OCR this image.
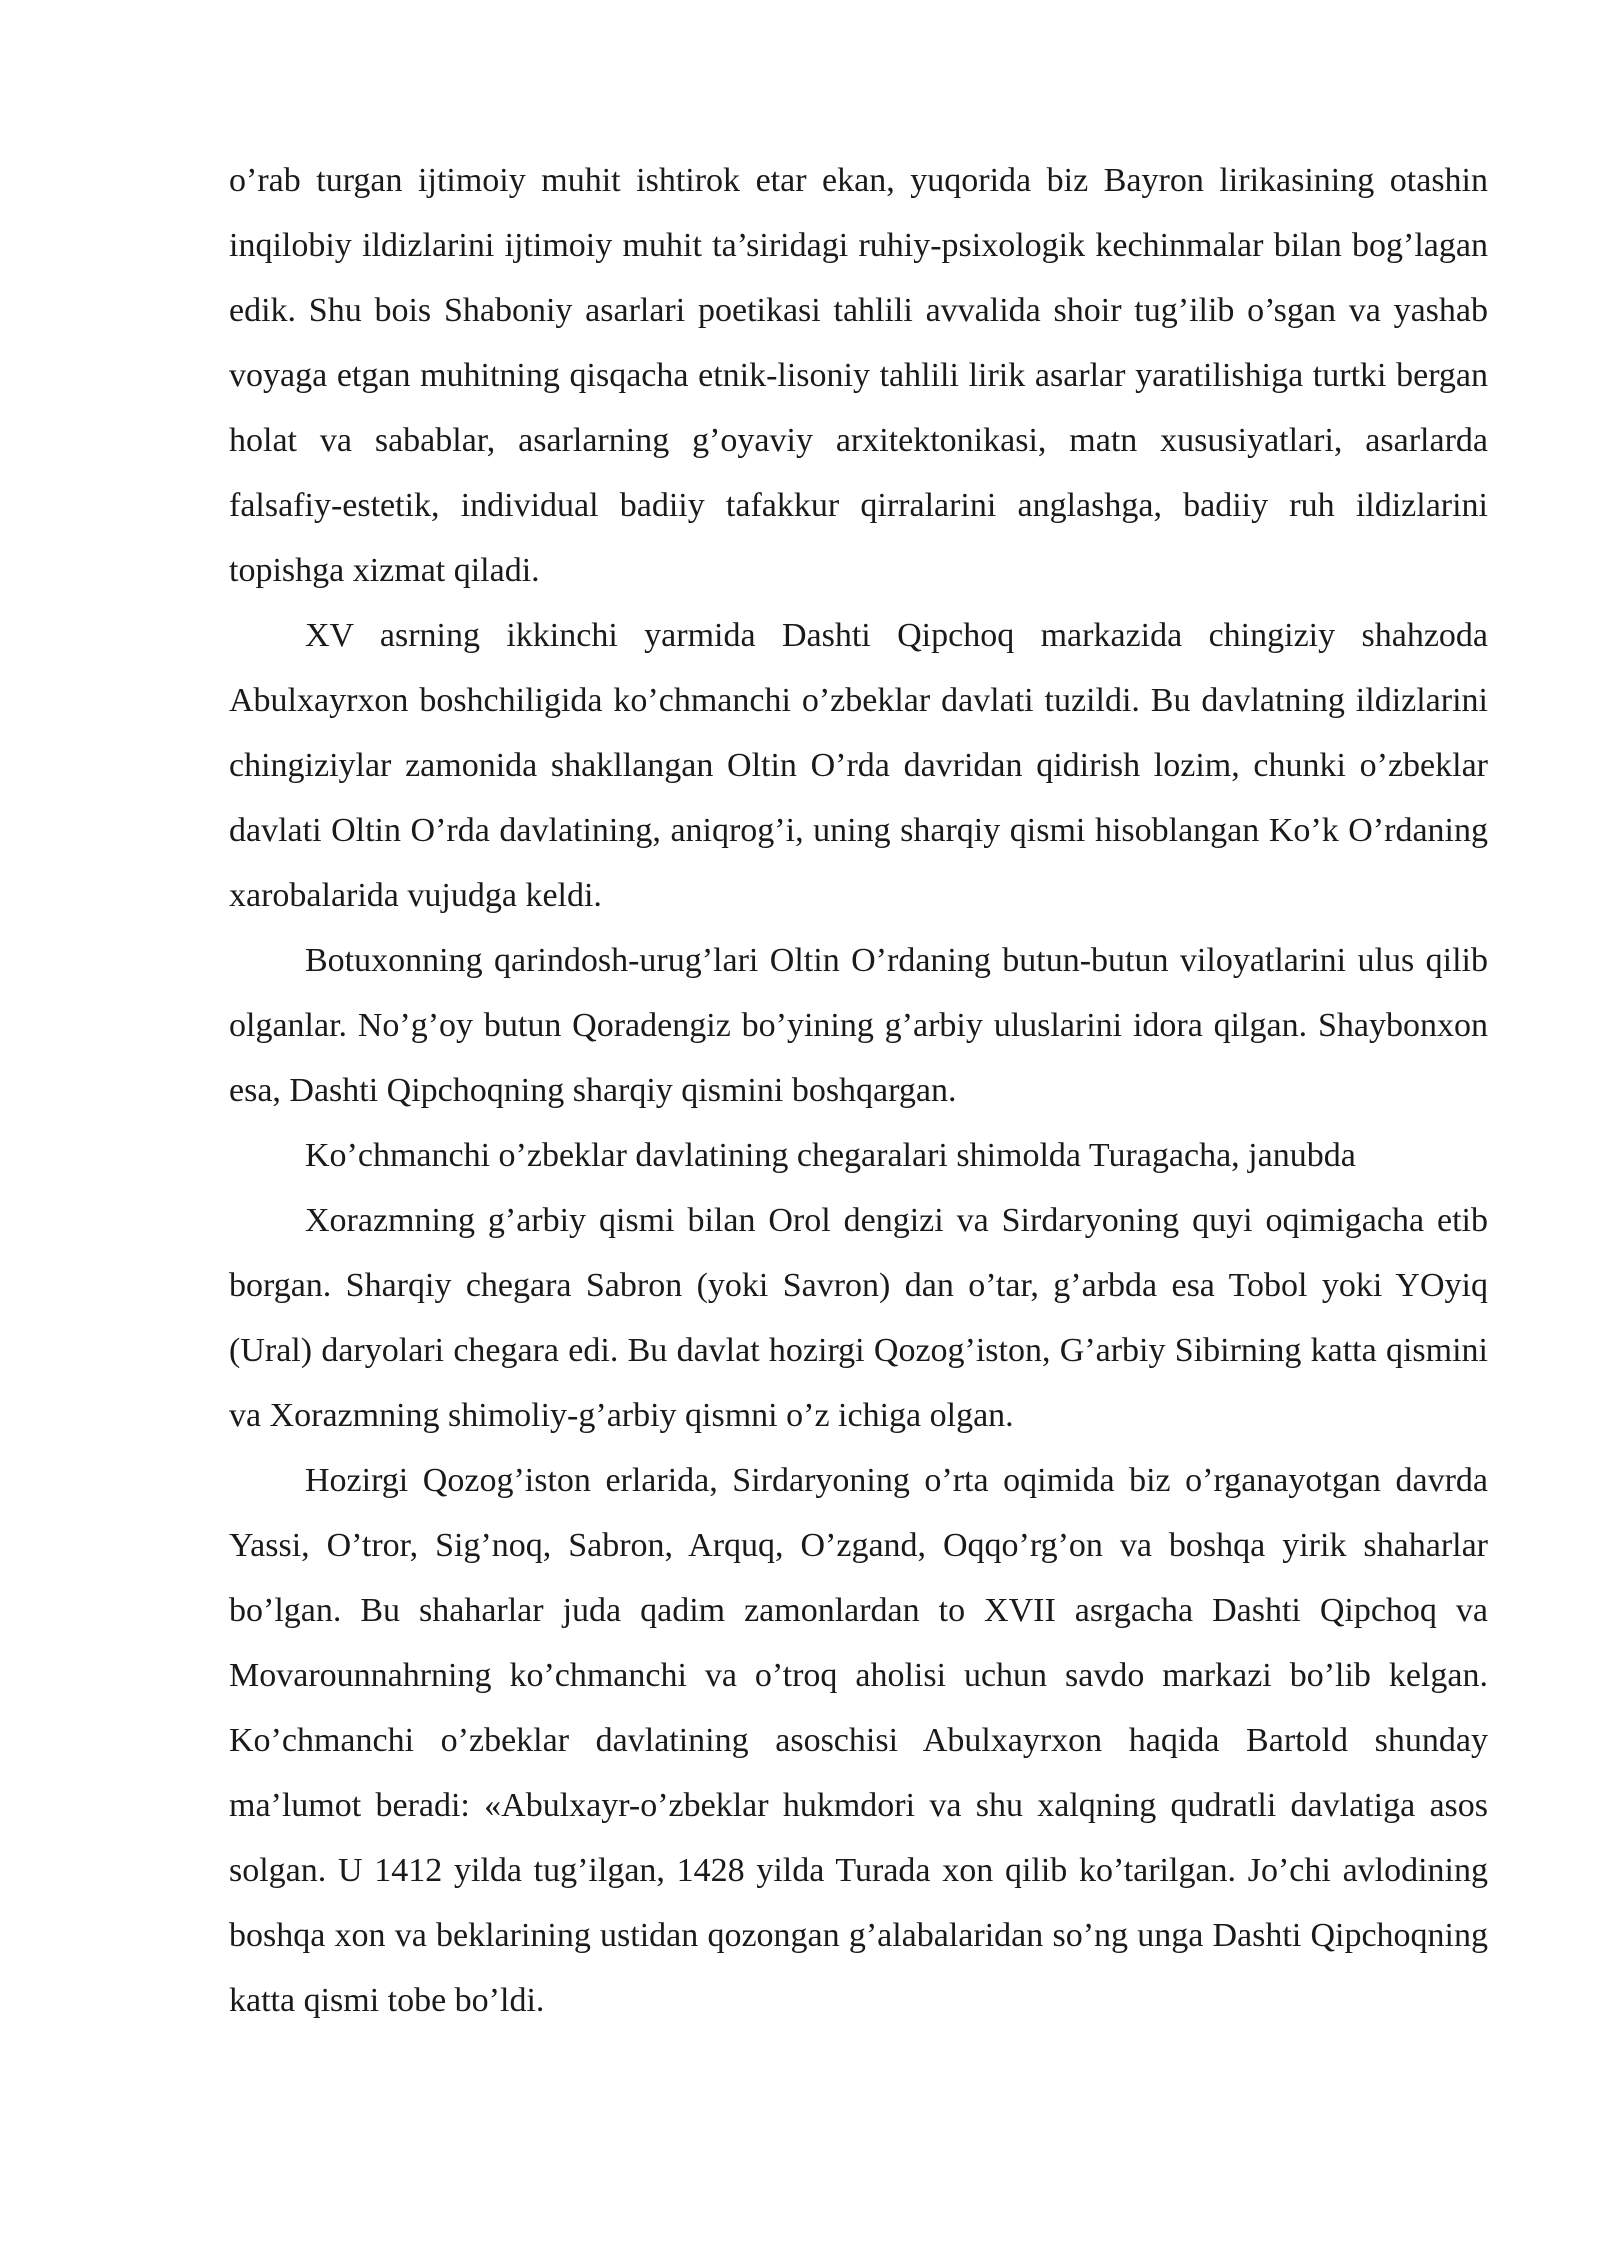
o’rab turgan ijtimoiy muhit ishtirok etar ekan, yuqorida biz Bayron lirikasining otashin inqilobiy ildizlarini ijtimoiy muhit ta’siridagi ruhiy-psixologik kechinmalar bilan bog’lagan edik. Shu bois Shaboniy asarlari poetikasi tahlili avvalida shoir tug’ilib o’sgan va yashab voyaga etgan muhitning qisqacha etnik-lisoniy tahlili lirik asarlar yaratilishiga turtki bergan holat va sabablar, asarlarning g’oyaviy arxitektonikasi, matn xususiyatlari, asarlarda falsafiy-estetik, individual badiiy tafakkur qirralarini anglashga, badiiy ruh ildizlarini topishga xizmat qiladi.

XV asrning ikkinchi yarmida Dashti Qipchoq markazida chingiziy shahzoda Abulxayrxon boshchiligida ko’chmanchi o’zbeklar davlati tuzildi. Bu davlatning ildizlarini chingiziylar zamonida shakllangan Oltin O’rda davridan qidirish lozim, chunki o’zbeklar davlati Oltin O’rda davlatining, aniqrog’i, uning sharqiy qismi hisoblangan Ko’k O’rdaning xarobalarida vujudga keldi.

Botuxonning qarindosh-urug’lari Oltin O’rdaning butun-butun viloyatlarini ulus qilib olganlar. No’g’oy butun Qoradengiz bo’yining g’arbiy uluslarini idora qilgan. Shaybonxon esa, Dashti Qipchoqning sharqiy qismini boshqargan.

Ko’chmanchi o’zbeklar davlatining chegaralari shimolda Turagacha, janubda

Xorazmning g’arbiy qismi bilan Orol dengizi va Sirdaryoning quyi oqimigacha etib borgan. Sharqiy chegara Sabron (yoki Savron) dan o’tar, g’arbda esa Tobol yoki YOyiq (Ural) daryolari chegara edi. Bu davlat hozirgi Qozog’iston, G’arbiy Sibirning katta qismini va Xorazmning shimoliy-g’arbiy qismni o’z ichiga olgan.

Hozirgi Qozog’iston erlarida, Sirdaryoning o’rta oqimida biz o’rganayotgan davrda Yassi, O’tror, Sig’noq, Sabron, Arquq, O’zgand, Oqqo’rg’on va boshqa yirik shaharlar bo’lgan. Bu shaharlar juda qadim zamonlardan to XVII asrgacha Dashti Qipchoq va Movarounnahrning ko’chmanchi va o’troq aholisi uchun savdo markazi bo’lib kelgan. Ko’chmanchi o’zbeklar davlatining asoschisi Abulxayrxon haqida Bartold shunday ma’lumot beradi: «Abulxayr-o’zbeklar hukmdori va shu xalqning qudratli davlatiga asos solgan. U 1412 yilda tug’ilgan, 1428 yilda Turada xon qilib ko’tarilgan. Jo’chi avlodining boshqa xon va beklarining ustidan qozongan g’alabalaridan so’ng unga Dashti Qipchoqning katta qismi tobe bo’ldi.
